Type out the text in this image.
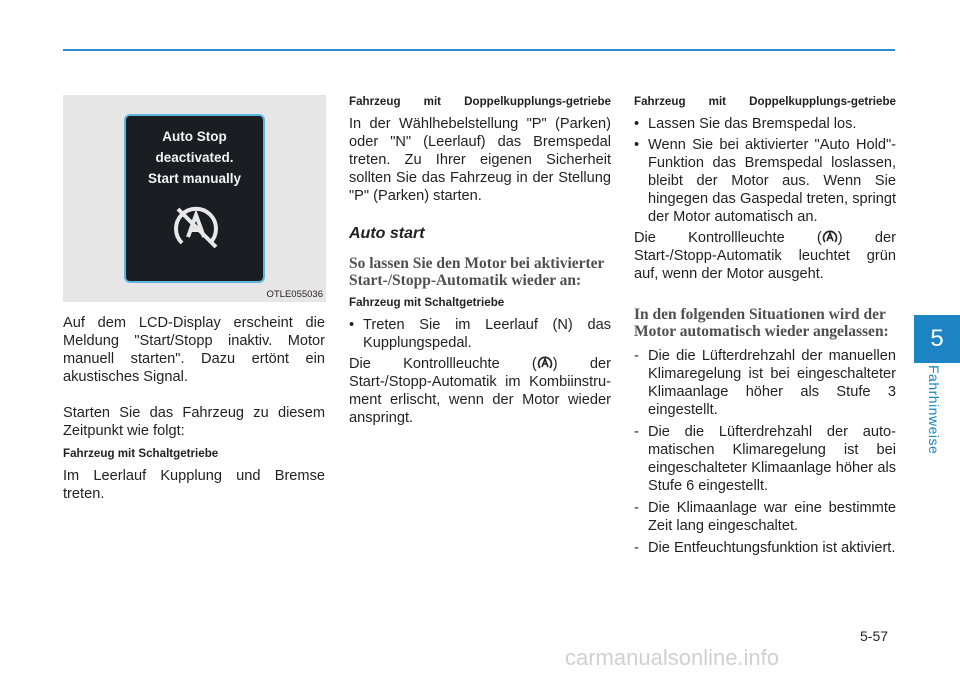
5
Fahrhinweise
Auto Stop
deactivated.
Start manually
OTLE055036

Auf dem LCD-Display erscheint die Meldung "Start/Stopp inaktiv. Motor manuell starten". Dazu ertönt ein akustisches Signal.

Starten Sie das Fahrzeug zu diesem Zeitpunkt wie folgt:

Fahrzeug mit Schaltgetriebe

Im Leerlauf Kupplung und Bremse treten.

Fahrzeug mit Doppelkupplungs-getriebe

In der Wählhebelstellung "P" (Parken) oder "N" (Leerlauf) das Bremspedal treten. Zu Ihrer eigenen Sicherheit sollten Sie das Fahrzeug in der Stellung "P" (Parken) starten.

Auto start
So lassen Sie den Motor bei aktivierter Start-/Stopp-Automatik wieder an:
Fahrzeug mit Schaltgetriebe
• Treten Sie im Leerlauf (N) das Kupplungspedal.

Die Kontrollleuchte ( ) der Start-/Stopp-Automatik im Kombiinstru-ment erlischt, wenn der Motor wieder anspringt.

Fahrzeug mit Doppelkupplungs-getriebe
• Lassen Sie das Bremspedal los.
• Wenn Sie bei aktivierter "Auto Hold"-Funktion das Bremspedal loslassen, bleibt der Motor aus. Wenn Sie hingegen das Gaspedal treten, springt der Motor automatisch an.

Die Kontrollleuchte ( ) der Start-/Stopp-Automatik leuchtet grün auf, wenn der Motor ausgeht.

In den folgenden Situationen wird der Motor automatisch wieder angelassen:
- Die die Lüfterdrehzahl der manuellen Klimaregelung ist bei eingeschalteter Klimaanlage höher als Stufe 3 eingestellt.
- Die die Lüfterdrehzahl der auto-matischen Klimaregelung ist bei eingeschalteter Klimaanlage höher als Stufe 6 eingestellt.
- Die Klimaanlage war eine bestimmte Zeit lang eingeschaltet.
- Die Entfeuchtungsfunktion ist aktiviert.
5-57
carmanualsonline.info
